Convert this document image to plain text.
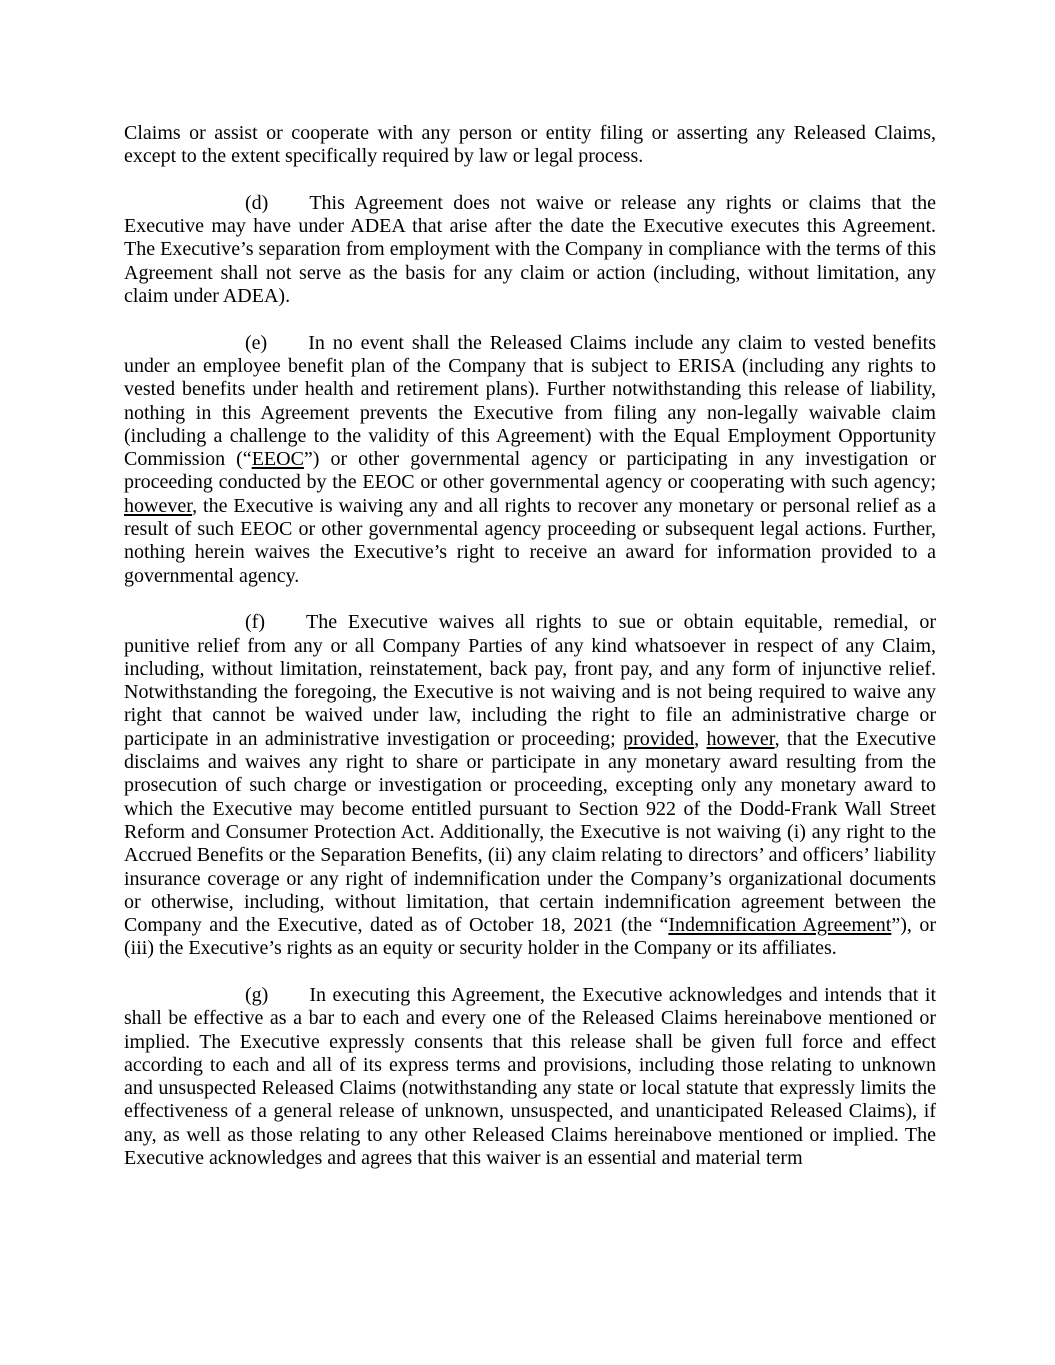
Claims or assist or cooperate with any person or entity filing or asserting any Released Claims, except to the extent specifically required by law or legal process.

(d) This Agreement does not waive or release any rights or claims that the Executive may have under ADEA that arise after the date the Executive executes this Agreement. The Executive’s separation from employment with the Company in compliance with the terms of this Agreement shall not serve as the basis for any claim or action (including, without limitation, any claim under ADEA).

(e) In no event shall the Released Claims include any claim to vested benefits under an employee benefit plan of the Company that is subject to ERISA (including any rights to vested benefits under health and retirement plans). Further notwithstanding this release of liability, nothing in this Agreement prevents the Executive from filing any non-legally waivable claim (including a challenge to the validity of this Agreement) with the Equal Employment Opportunity Commission (“EEOC”) or other governmental agency or participating in any investigation or proceeding conducted by the EEOC or other governmental agency or cooperating with such agency; however, the Executive is waiving any and all rights to recover any monetary or personal relief as a result of such EEOC or other governmental agency proceeding or subsequent legal actions. Further, nothing herein waives the Executive’s right to receive an award for information provided to a governmental agency.

(f) The Executive waives all rights to sue or obtain equitable, remedial, or punitive relief from any or all Company Parties of any kind whatsoever in respect of any Claim, including, without limitation, reinstatement, back pay, front pay, and any form of injunctive relief. Notwithstanding the foregoing, the Executive is not waiving and is not being required to waive any right that cannot be waived under law, including the right to file an administrative charge or participate in an administrative investigation or proceeding; provided, however, that the Executive disclaims and waives any right to share or participate in any monetary award resulting from the prosecution of such charge or investigation or proceeding, excepting only any monetary award to which the Executive may become entitled pursuant to Section 922 of the Dodd-Frank Wall Street Reform and Consumer Protection Act. Additionally, the Executive is not waiving (i) any right to the Accrued Benefits or the Separation Benefits, (ii) any claim relating to directors’ and officers’ liability insurance coverage or any right of indemnification under the Company’s organizational documents or otherwise, including, without limitation, that certain indemnification agreement between the Company and the Executive, dated as of October 18, 2021 (the “Indemnification Agreement”), or (iii) the Executive’s rights as an equity or security holder in the Company or its affiliates.

(g) In executing this Agreement, the Executive acknowledges and intends that it shall be effective as a bar to each and every one of the Released Claims hereinabove mentioned or implied. The Executive expressly consents that this release shall be given full force and effect according to each and all of its express terms and provisions, including those relating to unknown and unsuspected Released Claims (notwithstanding any state or local statute that expressly limits the effectiveness of a general release of unknown, unsuspected, and unanticipated Released Claims), if any, as well as those relating to any other Released Claims hereinabove mentioned or implied. The Executive acknowledges and agrees that this waiver is an essential and material term
